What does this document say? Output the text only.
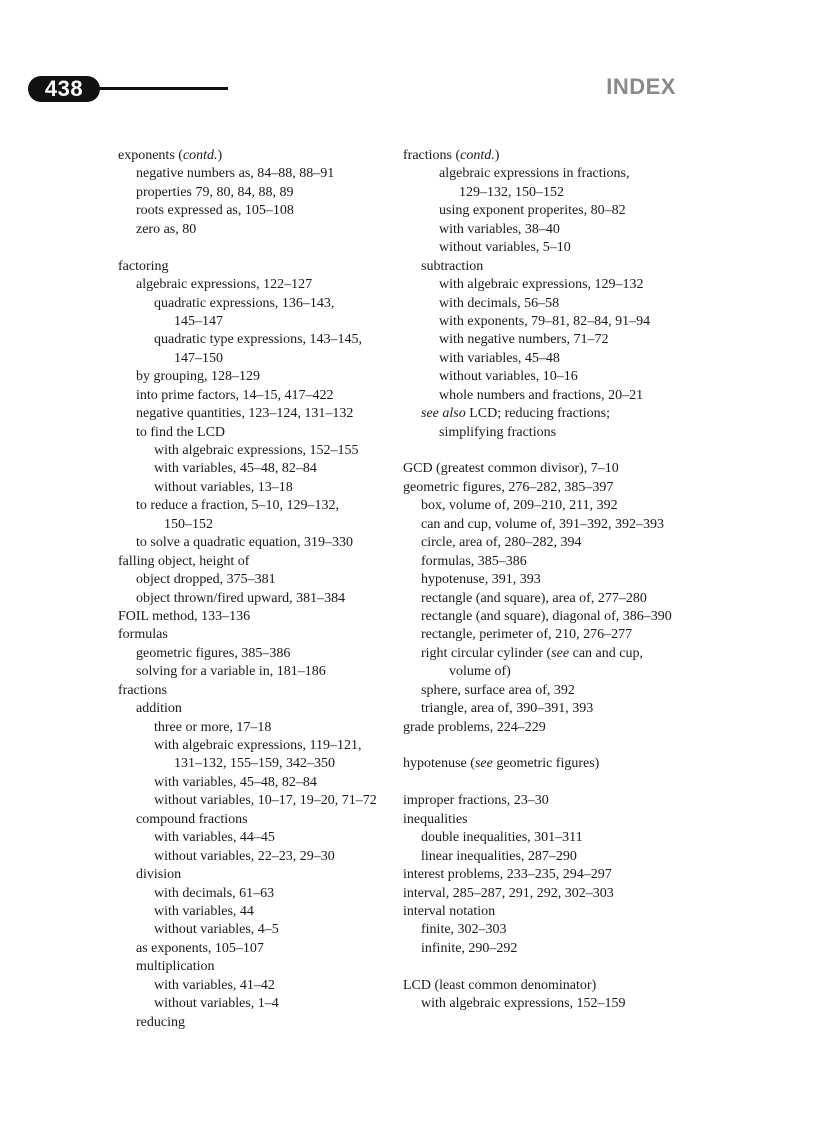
438	INDEX
exponents (contd.)
negative numbers as, 84–88, 88–91
properties 79, 80, 84, 88, 89
roots expressed as, 105–108
zero as, 80
factoring
algebraic expressions, 122–127
quadratic expressions, 136–143,
145–147
quadratic type expressions, 143–145,
147–150
by grouping, 128–129
into prime factors, 14–15, 417–422
negative quantities, 123–124, 131–132
to find the LCD
with algebraic expressions, 152–155
with variables, 45–48, 82–84
without variables, 13–18
to reduce a fraction, 5–10, 129–132,
150–152
to solve a quadratic equation, 319–330
falling object, height of
object dropped, 375–381
object thrown/fired upward, 381–384
FOIL method, 133–136
formulas
geometric figures, 385–386
solving for a variable in, 181–186
fractions
addition
three or more, 17–18
with algebraic expressions, 119–121,
131–132, 155–159, 342–350
with variables, 45–48, 82–84
without variables, 10–17, 19–20, 71–72
compound fractions
with variables, 44–45
without variables, 22–23, 29–30
division
with decimals, 61–63
with variables, 44
without variables, 4–5
as exponents, 105–107
multiplication
with variables, 41–42
without variables, 1–4
reducing
fractions (contd.)
algebraic expressions in fractions,
129–132, 150–152
using exponent properites, 80–82
with variables, 38–40
without variables, 5–10
subtraction
with algebraic expressions, 129–132
with decimals, 56–58
with exponents, 79–81, 82–84, 91–94
with negative numbers, 71–72
with variables, 45–48
without variables, 10–16
whole numbers and fractions, 20–21
see also LCD; reducing fractions;
simplifying fractions
GCD (greatest common divisor), 7–10
geometric figures, 276–282, 385–397
box, volume of, 209–210, 211, 392
can and cup, volume of, 391–392, 392–393
circle, area of, 280–282, 394
formulas, 385–386
hypotenuse, 391, 393
rectangle (and square), area of, 277–280
rectangle (and square), diagonal of, 386–390
rectangle, perimeter of, 210, 276–277
right circular cylinder (see can and cup,
volume of)
sphere, surface area of, 392
triangle, area of, 390–391, 393
grade problems, 224–229
hypotenuse (see geometric figures)
improper fractions, 23–30
inequalities
double inequalities, 301–311
linear inequalities, 287–290
interest problems, 233–235, 294–297
interval, 285–287, 291, 292, 302–303
interval notation
finite, 302–303
infinite, 290–292
LCD (least common denominator)
with algebraic expressions, 152–159
